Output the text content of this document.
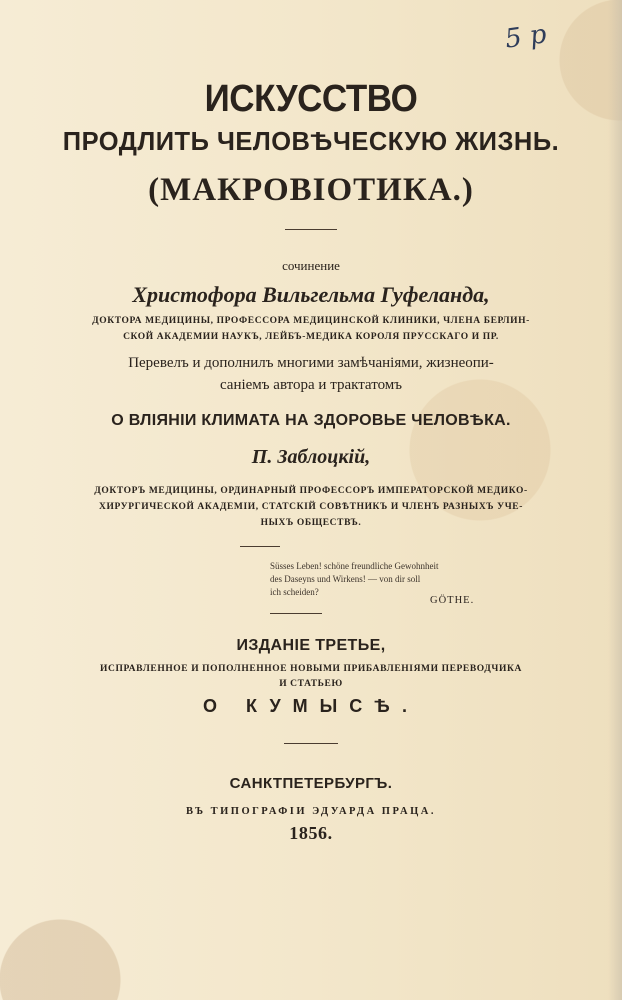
5 р
ИСКУССТВО
ПРОДЛИТЬ ЧЕЛОВѢЧЕСКУЮ ЖИЗНЬ.
(МАКРОВІОТИКА.)
сочинение
Христофора Вильгельма Гуфеланда,
ДОКТОРА МЕДИЦИНЫ, ПРОФЕССОРА МЕДИЦИНСКОЙ КЛИНИКИ, ЧЛЕНА БЕРЛИН-
СКОЙ АКАДЕМИИ НАУКЪ, ЛЕЙБЪ-МЕДИКА КОРОЛЯ ПРУССКАГО И ПР.
Перевелъ и дополнилъ многими замѣчаніями, жизнеопи-
саніемъ автора и трактатомъ
О ВЛІЯНІИ КЛИМАТА НА ЗДОРОВЬЕ ЧЕЛОВѢКА.
П. Заблоцкій,
ДОКТОРЪ МЕДИЦИНЫ, ОРДИНАРНЫЙ ПРОФЕССОРЪ ИМПЕРАТОРСКОЙ МЕДИКО-
ХИРУРГИЧЕСКОЙ АКАДЕМІИ, СТАТСКІЙ СОВѢТНИКЪ И ЧЛЕНЪ РАЗНЫХЪ УЧЕ-
НЫХЪ ОБЩЕСТВЪ.
Süsses Leben! schöne freundliche Gewohnheit
des Daseyns und Wirkens! — von dir soll
ich scheiden?
GÖTHE.
ИЗДАНІЕ ТРЕТЬЕ,
ИСПРАВЛЕННОЕ И ПОПОЛНЕННОЕ НОВЫМИ ПРИБАВЛЕНІЯМИ ПЕРЕВОДЧИКА
И СТАТЬЕЮ
О КУМЫСѢ.
САНКТПЕТЕРБУРГЪ.
ВЪ ТИПОГРАФІИ ЭДУАРДА ПРАЦА.
1856.
